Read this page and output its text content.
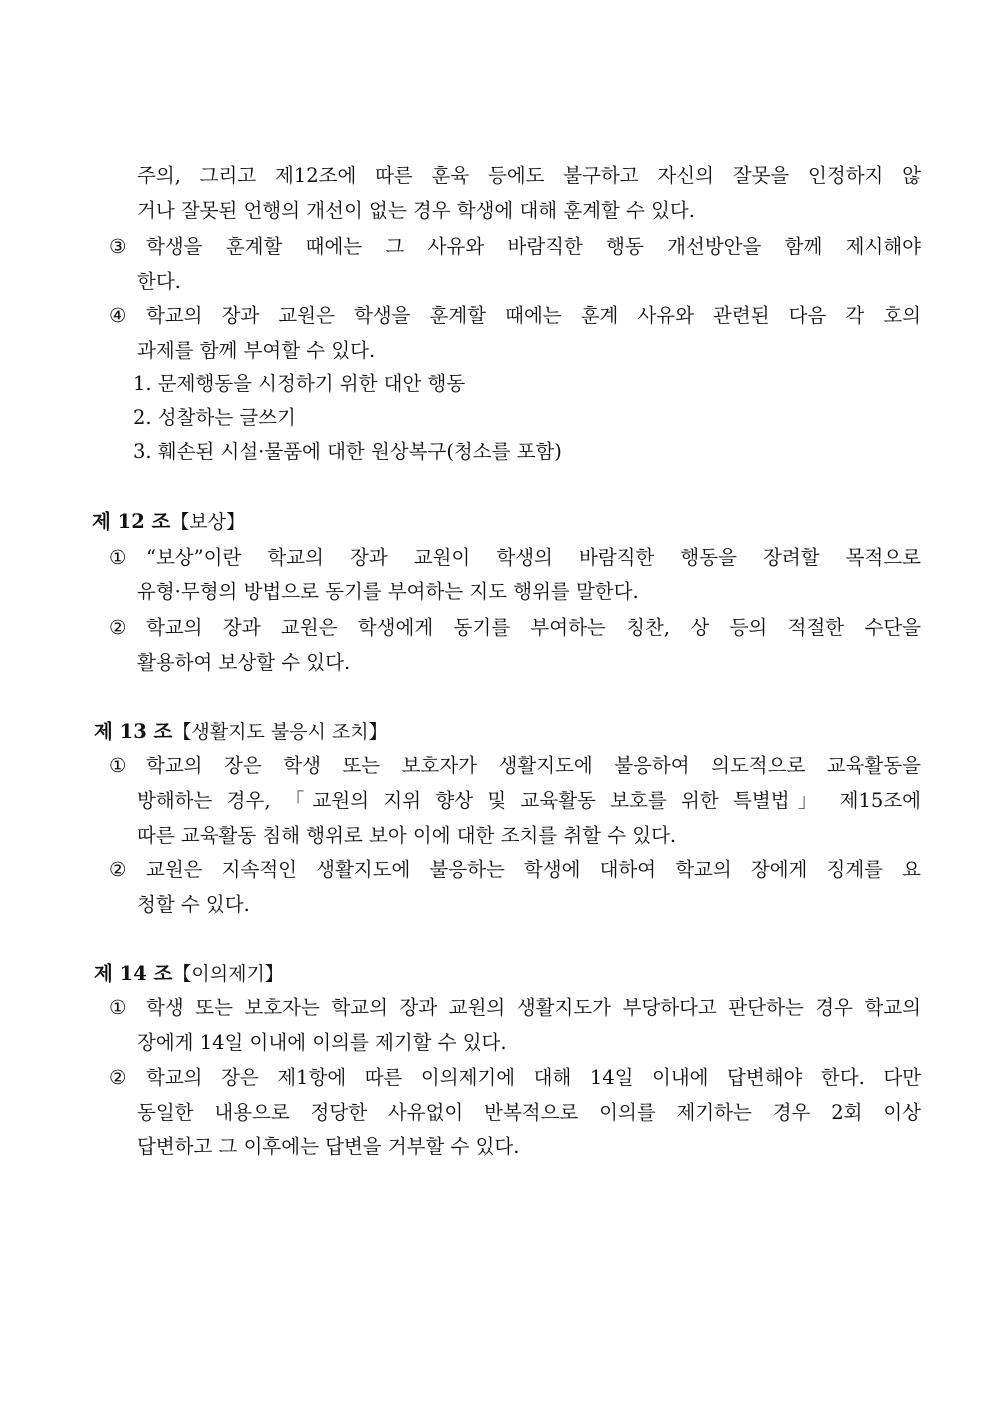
주의, 그리고 제12조에 따른 훈육 등에도 불구하고 자신의 잘못을 인정하지 않
거나 잘못된 언행의 개선이 없는 경우 학생에 대해 훈계할 수 있다.
③ 학생을 훈계할 때에는 그 사유와 바람직한 행동 개선방안을 함께 제시해야
한다.
④ 학교의 장과 교원은 학생을 훈계할 때에는 훈계 사유와 관련된 다음 각 호의
과제를 함께 부여할 수 있다.
1. 문제행동을 시정하기 위한 대안 행동
2. 성찰하는 글쓰기
3. 훼손된 시설·물품에 대한 원상복구(청소를 포함)
제 12 조【보상】
① “보상”이란 학교의 장과 교원이 학생의 바람직한 행동을 장려할 목적으로
유형·무형의 방법으로 동기를 부여하는 지도 행위를 말한다.
② 학교의 장과 교원은 학생에게 동기를 부여하는 칭찬, 상 등의 적절한 수단을
활용하여 보상할 수 있다.
제 13 조【생활지도 불응시 조치】
① 학교의 장은 학생 또는 보호자가 생활지도에 불응하여 의도적으로 교육활동을
방해하는 경우, 「교원의 지위 향상 및 교육활동 보호를 위한 특별법」 제15조에
따른 교육활동 침해 행위로 보아 이에 대한 조치를 취할 수 있다.
② 교원은 지속적인 생활지도에 불응하는 학생에 대하여 학교의 장에게 징계를 요
청할 수 있다.
제 14 조【이의제기】
① 학생 또는 보호자는 학교의 장과 교원의 생활지도가 부당하다고 판단하는 경우 학교의
장에게 14일 이내에 이의를 제기할 수 있다.
② 학교의 장은 제1항에 따른 이의제기에 대해 14일 이내에 답변해야 한다. 다만
동일한 내용으로 정당한 사유없이 반복적으로 이의를 제기하는 경우 2회 이상
답변하고 그 이후에는 답변을 거부할 수 있다.
